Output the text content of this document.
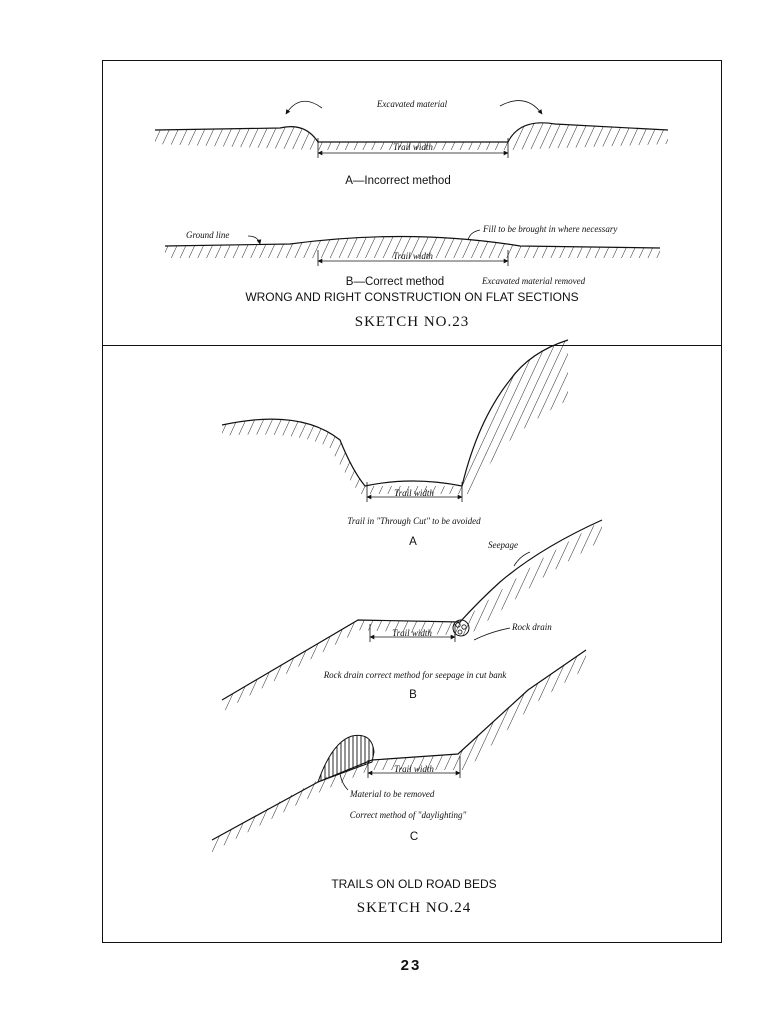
Excavated material
Trail width
A—Incorrect method
Ground line
Fill to be brought in where necessary
Trail width
B—Correct method	Excavated material removed
WRONG AND RIGHT CONSTRUCTION ON FLAT SECTIONS
SKETCH NO.23
Trail width
Trail in "Through Cut" to be avoided
A	Seepage
Rock drain
Trail width
Rock drain correct method for seepage in cut bank
B
Trail width
Material to be removed
Correct method of "daylighting"
C
TRAILS ON OLD ROAD BEDS
SKETCH NO.24
23
